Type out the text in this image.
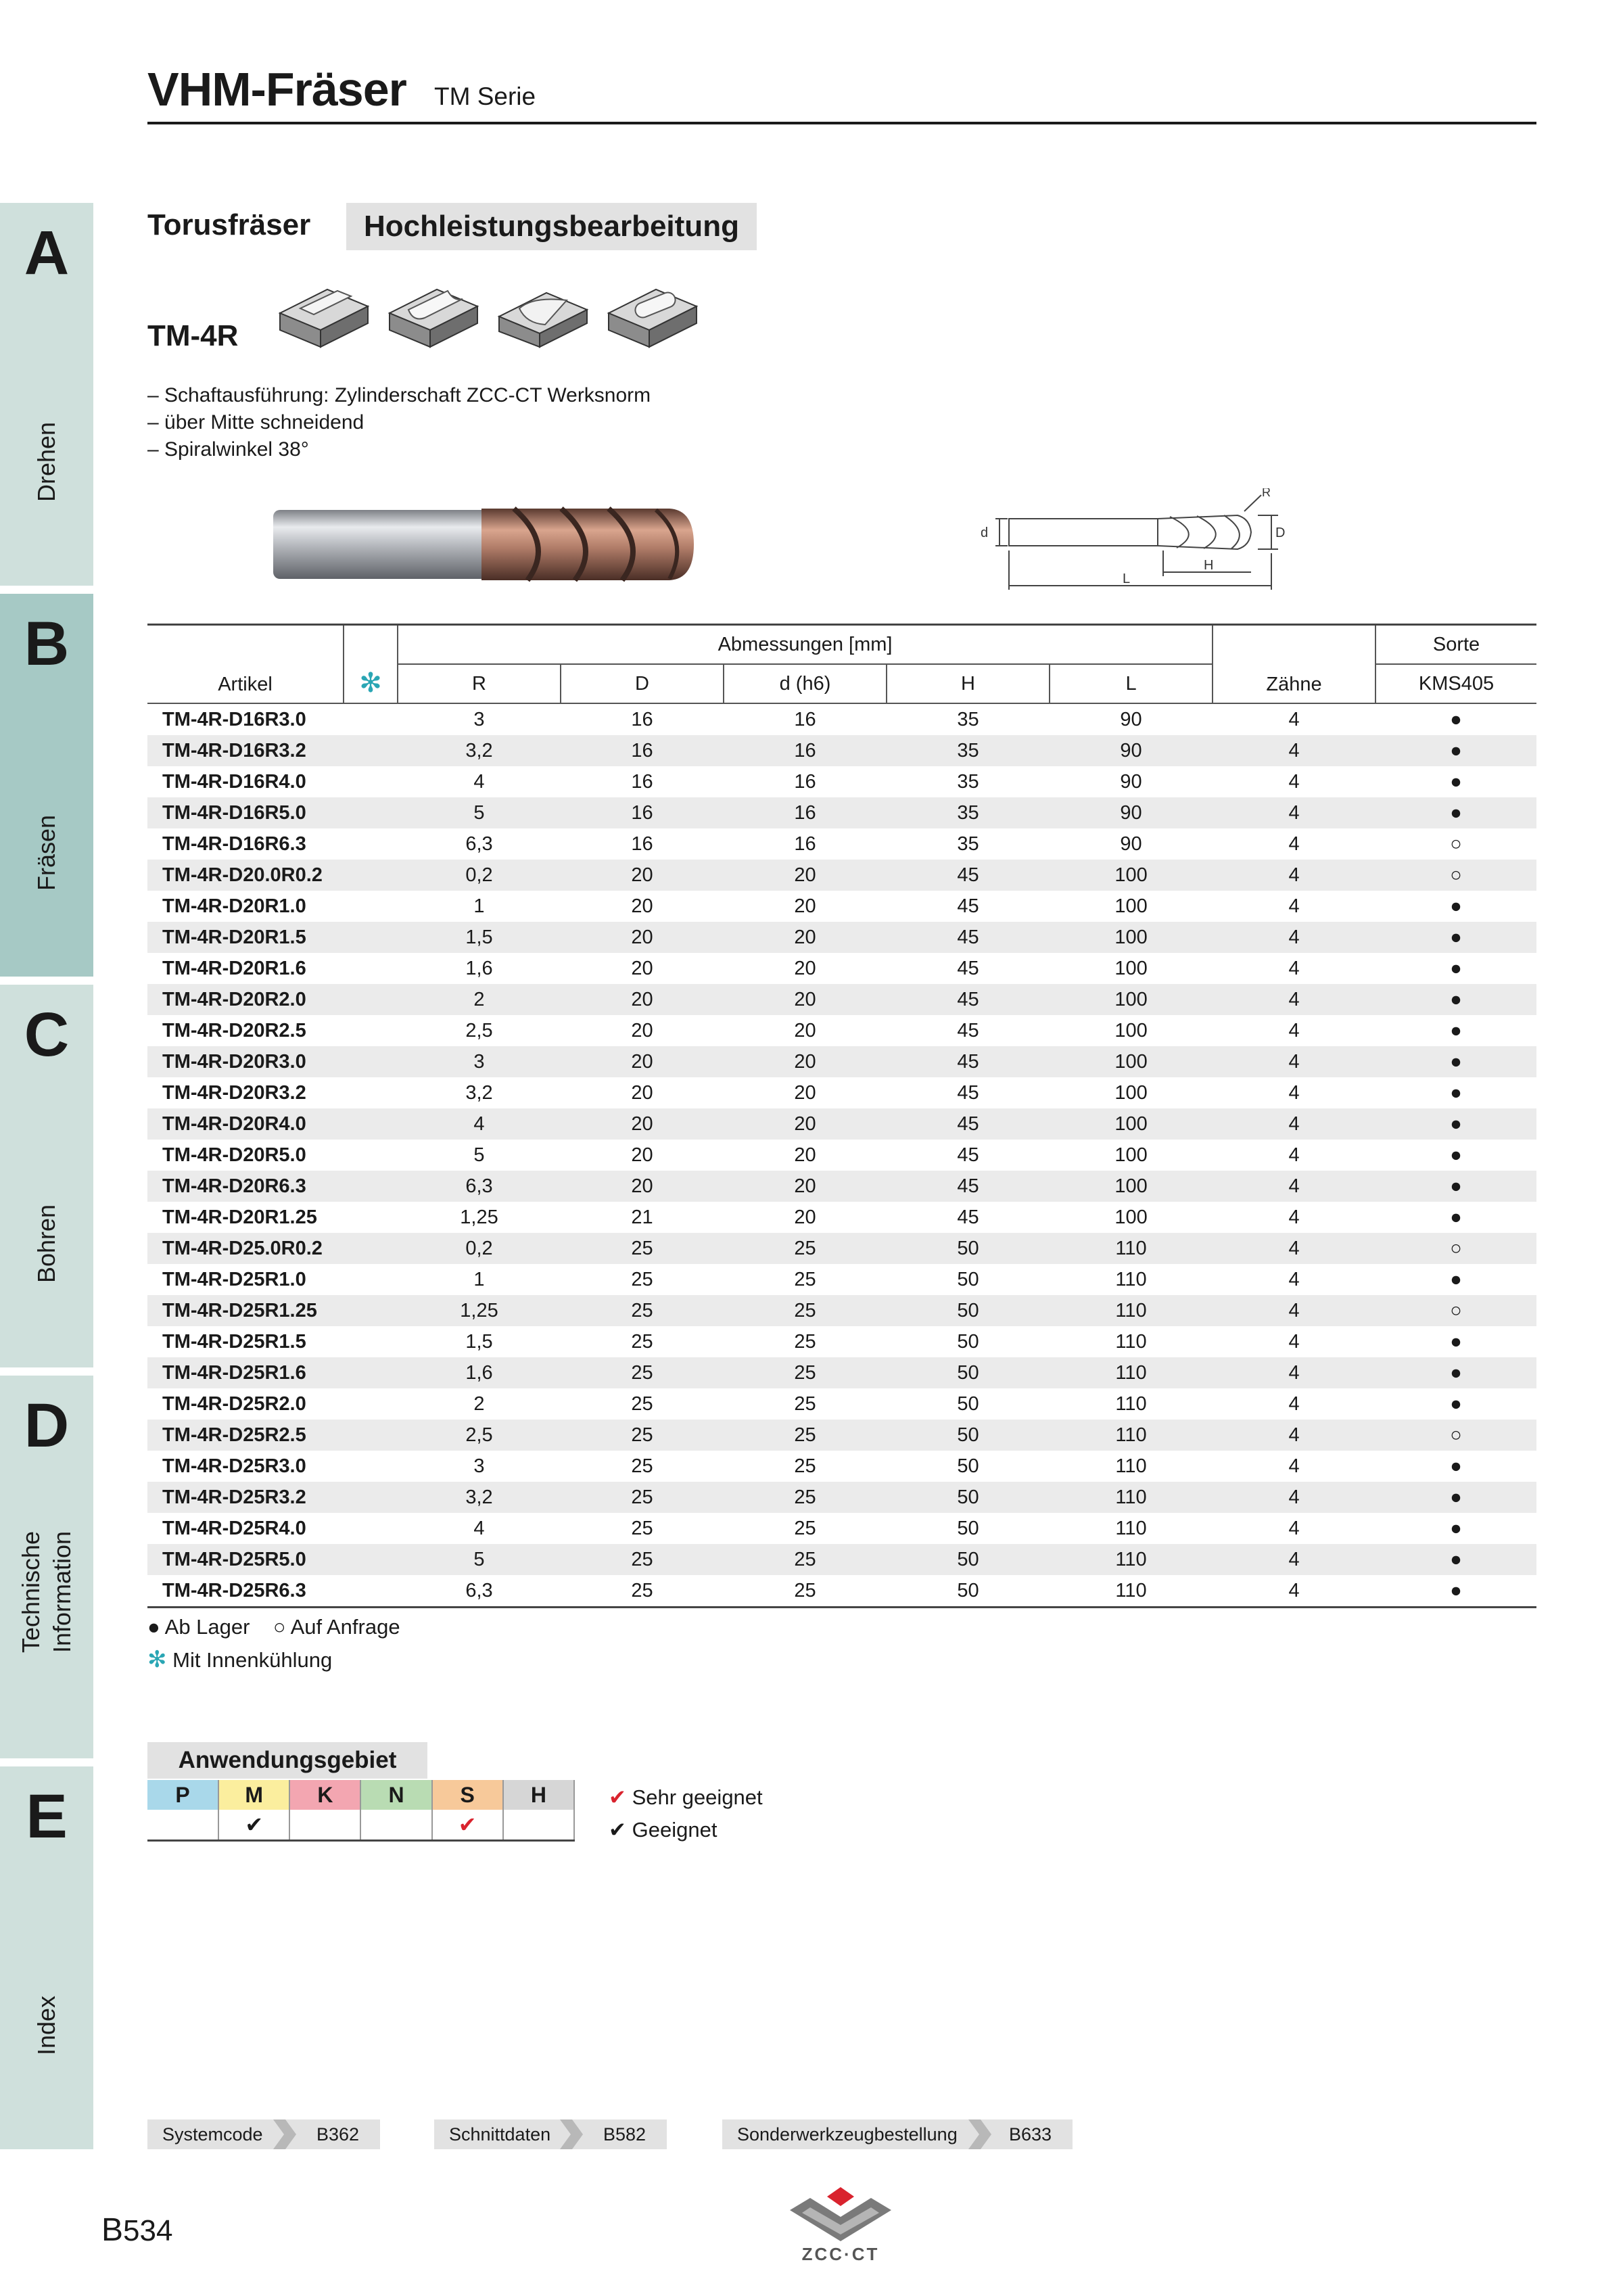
VHM-Fräser TM Serie
A
Drehen
B
Fräsen
C
Bohren
D
Technische Information
E
Index
Torusfräser	Hochleistungsbearbeitung
TM-4R
– Schaftausführung: Zylinderschaft ZCC-CT Werksnorm
– über Mitte schneidend
– Spiralwinkel 38°
d	D
R
H
L
Artikel	✻	Abmessungen [mm]					Zähne	Sorte
		R	D	d (h6)	H	L		KMS405
TM-4R-D16R3.0		3	16	16	35	90	4	●
TM-4R-D16R3.2		3,2	16	16	35	90	4	●
TM-4R-D16R4.0		4	16	16	35	90	4	●
TM-4R-D16R5.0		5	16	16	35	90	4	●
TM-4R-D16R6.3		6,3	16	16	35	90	4	○
TM-4R-D20.0R0.2		0,2	20	20	45	100	4	○
TM-4R-D20R1.0		1	20	20	45	100	4	●
TM-4R-D20R1.5		1,5	20	20	45	100	4	●
TM-4R-D20R1.6		1,6	20	20	45	100	4	●
TM-4R-D20R2.0		2	20	20	45	100	4	●
TM-4R-D20R2.5		2,5	20	20	45	100	4	●
TM-4R-D20R3.0		3	20	20	45	100	4	●
TM-4R-D20R3.2		3,2	20	20	45	100	4	●
TM-4R-D20R4.0		4	20	20	45	100	4	●
TM-4R-D20R5.0		5	20	20	45	100	4	●
TM-4R-D20R6.3		6,3	20	20	45	100	4	●
TM-4R-D20R1.25		1,25	21	20	45	100	4	●
TM-4R-D25.0R0.2		0,2	25	25	50	110	4	○
TM-4R-D25R1.0		1	25	25	50	110	4	●
TM-4R-D25R1.25		1,25	25	25	50	110	4	○
TM-4R-D25R1.5		1,5	25	25	50	110	4	●
TM-4R-D25R1.6		1,6	25	25	50	110	4	●
TM-4R-D25R2.0		2	25	25	50	110	4	●
TM-4R-D25R2.5		2,5	25	25	50	110	4	○
TM-4R-D25R3.0		3	25	25	50	110	4	●
TM-4R-D25R3.2		3,2	25	25	50	110	4	●
TM-4R-D25R4.0		4	25	25	50	110	4	●
TM-4R-D25R5.0		5	25	25	50	110	4	●
TM-4R-D25R6.3		6,3	25	25	50	110	4	●
● Ab Lager ○ Auf Anfrage
✻ Mit Innenkühlung
Anwendungsgebiet
P	M	K	N	S	H
	✔			✔	
✔ Sehr geeignet
✔ Geeignet
Systemcode	B362	Schnittdaten	B582	Sonderwerkzeugbestellung	B633
B534
ZCC·CT
